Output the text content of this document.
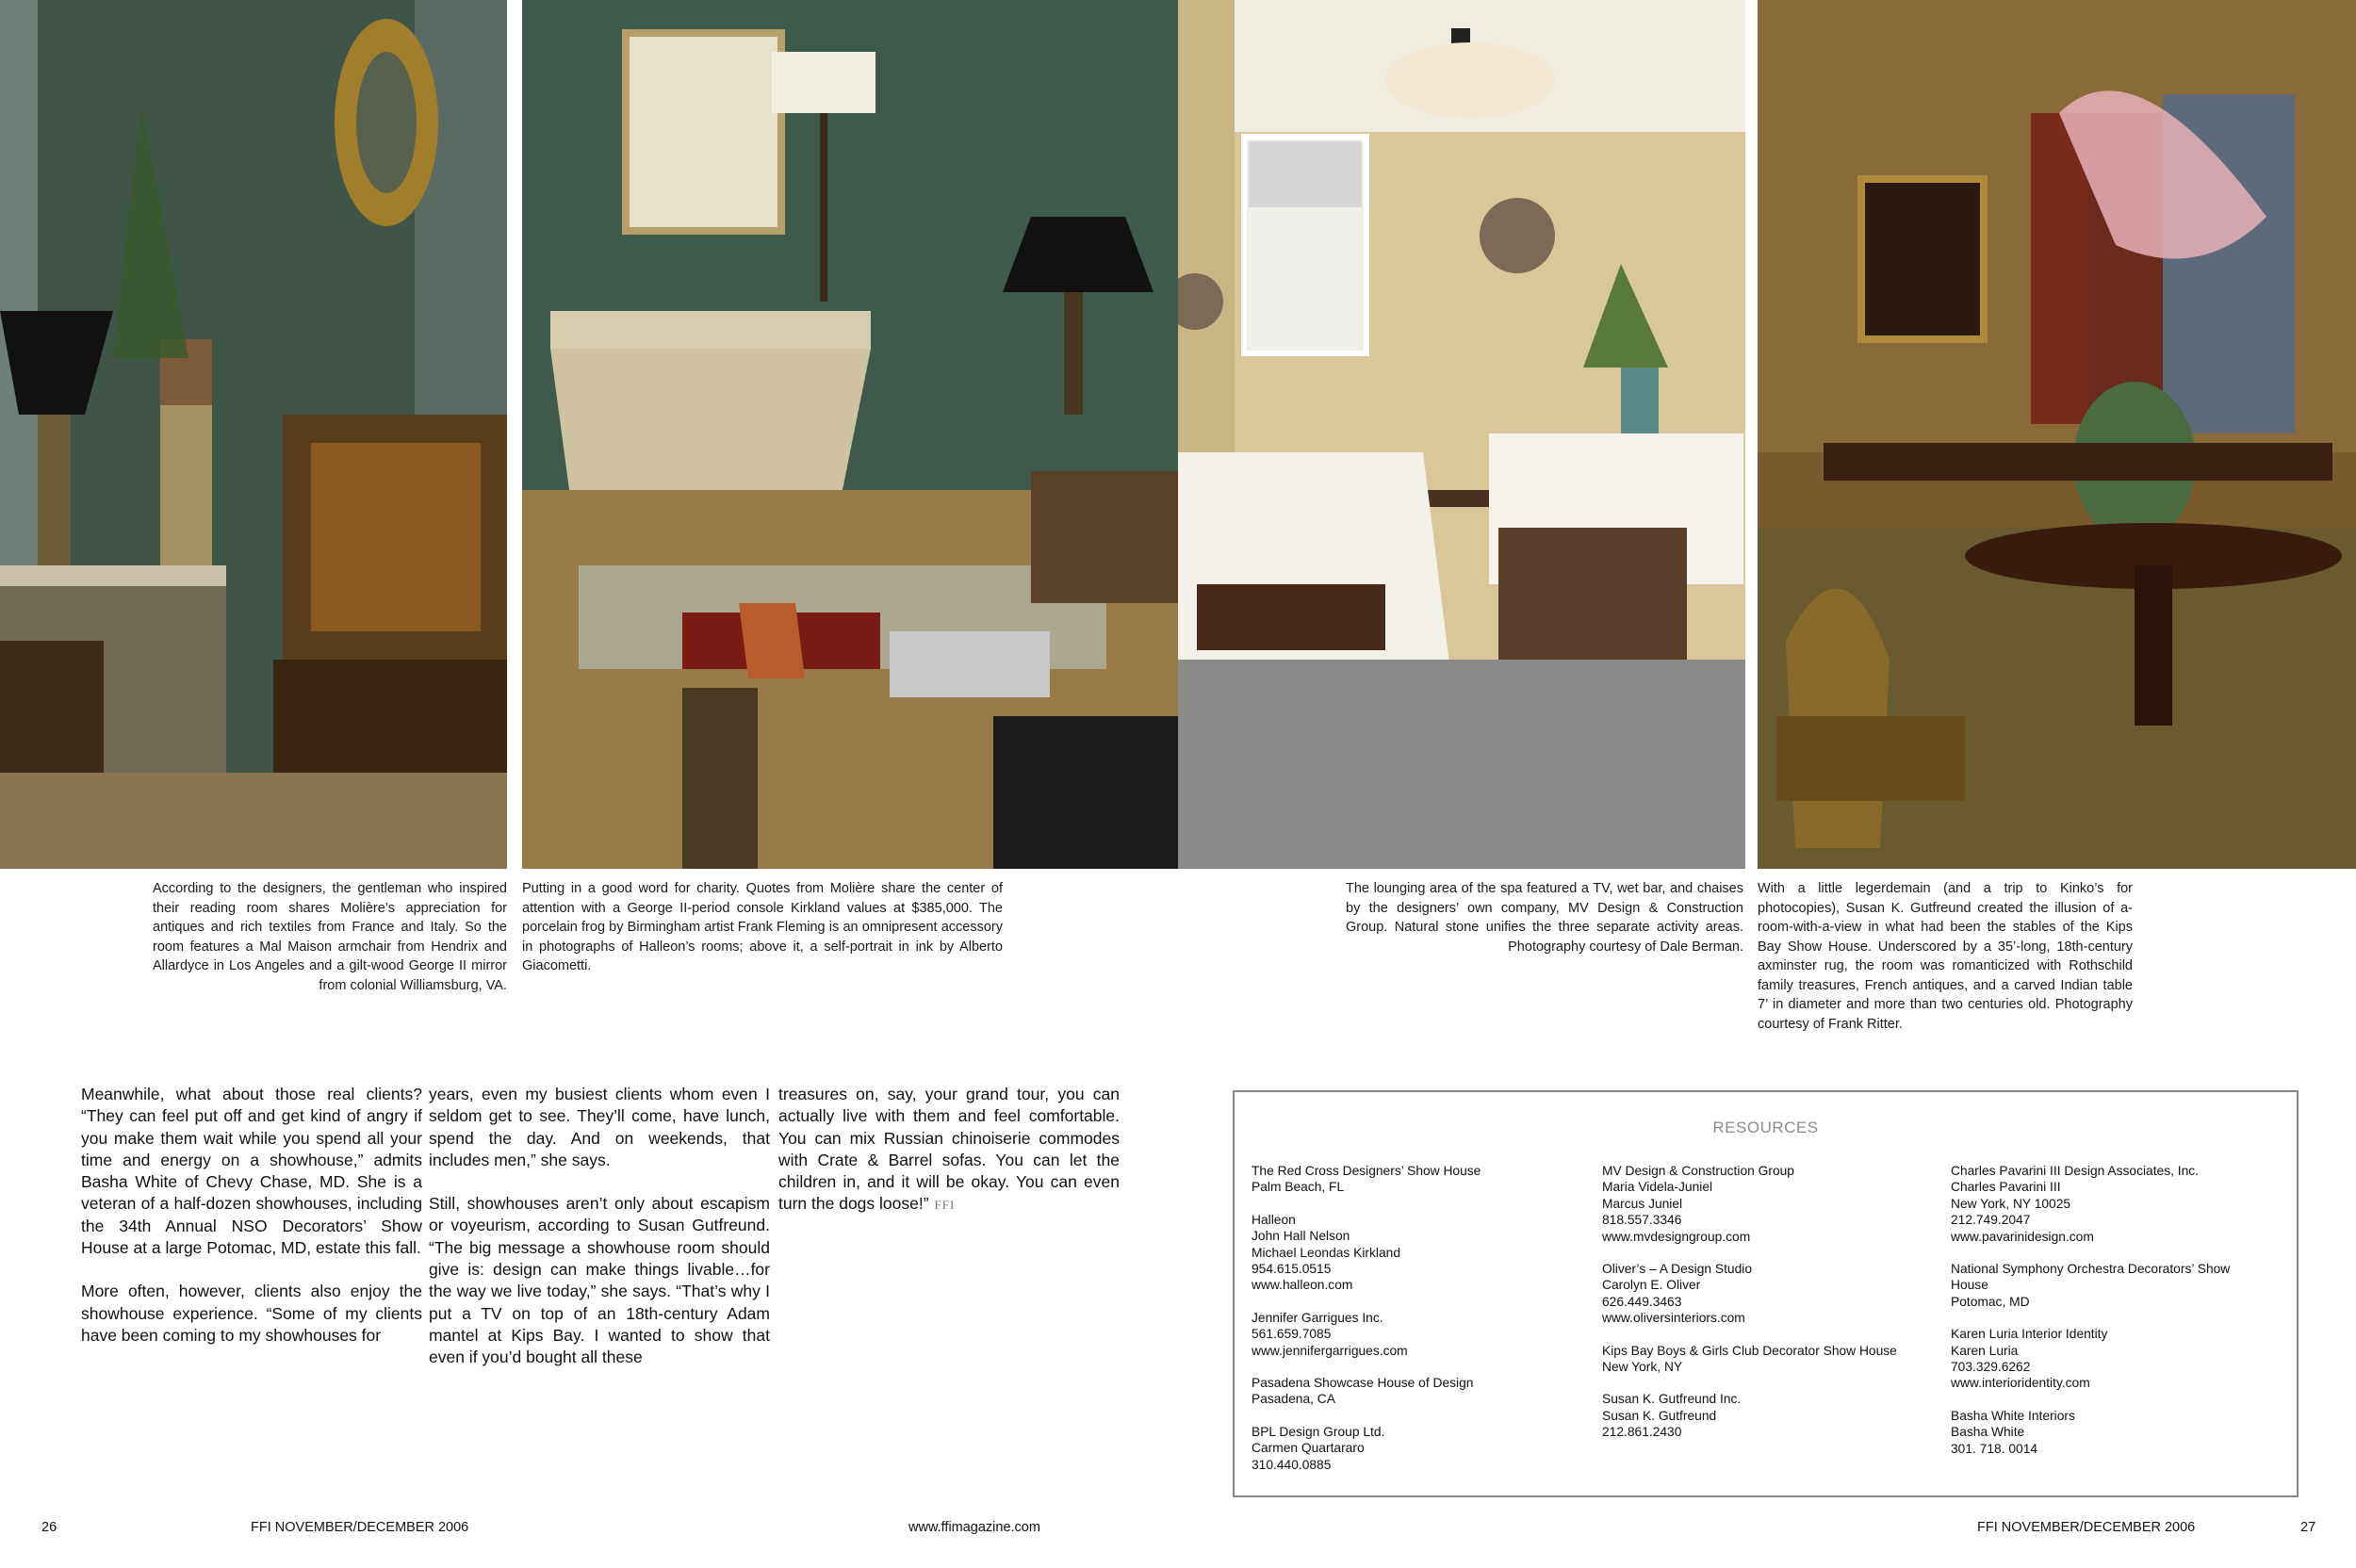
According to the designers, the gentleman who inspired their reading room shares Molière’s appreciation for antiques and rich textiles from France and Italy. So the room features a Mal Maison armchair from Hendrix and Allardyce in Los Angeles and a gilt-wood George II mirror from colonial Williamsburg, VA.

Putting in a good word for charity. Quotes from Molière share the center of attention with a George II-period console Kirkland values at $385,000. The porcelain frog by Birmingham artist Frank Fleming is an omnipresent accessory in photographs of Halleon’s rooms; above it, a self-portrait in ink by Alberto Giacometti.

The lounging area of the spa featured a TV, wet bar, and chaises by the designers’ own company, MV Design & Construction Group. Natural stone unifies the three separate activity areas. Photography courtesy of Dale Berman.

With a little legerdemain (and a trip to Kinko’s for photocopies), Susan K. Gutfreund created the illusion of a-room-with-a-view in what had been the stables of the Kips Bay Show House. Underscored by a 35’-long, 18th-century axminster rug, the room was romanticized with Rothschild family treasures, French antiques, and a carved Indian table 7’ in diameter and more than two centuries old. Photography courtesy of Frank Ritter.

Meanwhile, what about those real clients? “They can feel put off and get kind of angry if you make them wait while you spend all your time and energy on a showhouse,” admits Basha White of Chevy Chase, MD. She is a veteran of a half-dozen showhouses, including the 34th Annual NSO Decorators’ Show House at a large Potomac, MD, estate this fall.

More often, however, clients also enjoy the showhouse experience. “Some of my clients have been coming to my showhouses for

years, even my busiest clients whom even I seldom get to see. They’ll come, have lunch, spend the day. And on weekends, that includes men,” she says.

Still, showhouses aren’t only about escapism or voyeurism, according to Susan Gutfreund. “The big message a showhouse room should give is: design can make things livable…for the way we live today,” she says. “That’s why I put a TV on top of an 18th-century Adam mantel at Kips Bay. I wanted to show that even if you’d bought all these

treasures on, say, your grand tour, you can actually live with them and feel comfortable. You can mix Russian chinoiserie commodes with Crate & Barrel sofas. You can let the children in, and it will be okay. You can even turn the dogs loose!” FFI

RESOURCES
The Red Cross Designers’ Show House
Palm Beach, FL
Halleon
John Hall Nelson
Michael Leondas Kirkland
954.615.0515
www.halleon.com
Jennifer Garrigues Inc.
561.659.7085
www.jennifergarrigues.com
Pasadena Showcase House of Design
Pasadena, CA
BPL Design Group Ltd.
Carmen Quartararo
310.440.0885
MV Design & Construction Group
Maria Videla-Juniel
Marcus Juniel
818.557.3346
www.mvdesigngroup.com
Oliver’s – A Design Studio
Carolyn E. Oliver
626.449.3463
www.oliversinteriors.com
Kips Bay Boys & Girls Club Decorator Show House
New York, NY
Susan K. Gutfreund Inc.
Susan K. Gutfreund
212.861.2430
Charles Pavarini III Design Associates, Inc.
Charles Pavarini III
New York, NY 10025
212.749.2047
www.pavarinidesign.com
National Symphony Orchestra Decorators’ Show
House
Potomac, MD
Karen Luria Interior Identity
Karen Luria
703.329.6262
www.interioridentity.com
Basha White Interiors
Basha White
301. 718. 0014
26	FFI NOVEMBER/DECEMBER 2006	www.ffimagazine.com	FFI NOVEMBER/DECEMBER 2006	27
